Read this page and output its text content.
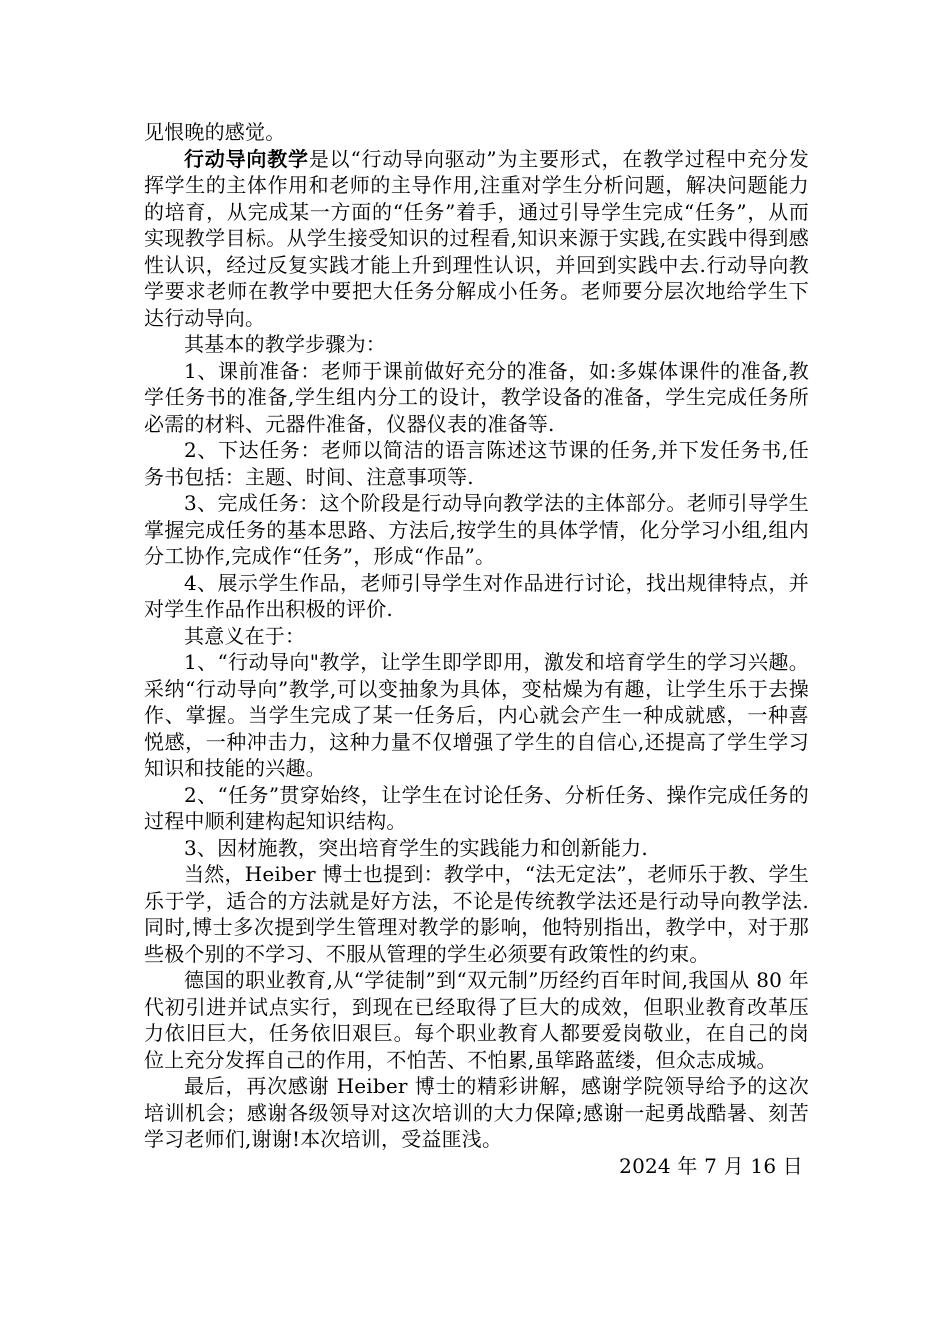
见恨晚的感觉。

行动导向教学是以“行动导向驱动”为主要形式，在教学过程中充分发挥学生的主体作用和老师的主导作用,注重对学生分析问题，解决问题能力的培育，从完成某一方面的“任务”着手，通过引导学生完成“任务”，从而实现教学目标。从学生接受知识的过程看,知识来源于实践,在实践中得到感性认识，经过反复实践才能上升到理性认识，并回到实践中去.行动导向教学要求老师在教学中要把大任务分解成小任务。老师要分层次地给学生下达行动导向。

其基本的教学步骤为：

1、课前准备：老师于课前做好充分的准备，如:多媒体课件的准备,教学任务书的准备,学生组内分工的设计，教学设备的准备，学生完成任务所必需的材料、元器件准备，仪器仪表的准备等.

2、下达任务：老师以简洁的语言陈述这节课的任务,并下发任务书,任务书包括：主题、时间、注意事项等.

3、完成任务：这个阶段是行动导向教学法的主体部分。老师引导学生掌握完成任务的基本思路、方法后,按学生的具体学情，化分学习小组,组内分工协作,完成作“任务”，形成“作品”。

4、展示学生作品，老师引导学生对作品进行讨论，找出规律特点，并对学生作品作出积极的评价.

其意义在于：

1、“行动导向"教学，让学生即学即用，激发和培育学生的学习兴趣。采纳“行动导向”教学,可以变抽象为具体，变枯燥为有趣，让学生乐于去操作、掌握。当学生完成了某一任务后，内心就会产生一种成就感，一种喜悦感，一种冲击力，这种力量不仅增强了学生的自信心,还提高了学生学习知识和技能的兴趣。

2、“任务”贯穿始终，让学生在讨论任务、分析任务、操作完成任务的过程中顺利建构起知识结构。

3、因材施教，突出培育学生的实践能力和创新能力.

当然，Heiber 博士也提到：教学中，“法无定法”，老师乐于教、学生乐于学，适合的方法就是好方法，不论是传统教学法还是行动导向教学法.同时,博士多次提到学生管理对教学的影响，他特别指出，教学中，对于那些极个别的不学习、不服从管理的学生必须要有政策性的约束。

德国的职业教育,从“学徒制”到“双元制”历经约百年时间,我国从 80 年代初引进并试点实行，到现在已经取得了巨大的成效，但职业教育改革压力依旧巨大，任务依旧艰巨。每个职业教育人都要爱岗敬业，在自己的岗位上充分发挥自己的作用，不怕苦、不怕累,虽筚路蓝缕，但众志成城。

最后，再次感谢 Heiber 博士的精彩讲解，感谢学院领导给予的这次培训机会；感谢各级领导对这次培训的大力保障;感谢一起勇战酷暑、刻苦学习老师们,谢谢!本次培训，受益匪浅。

2024 年 7 月 16 日
